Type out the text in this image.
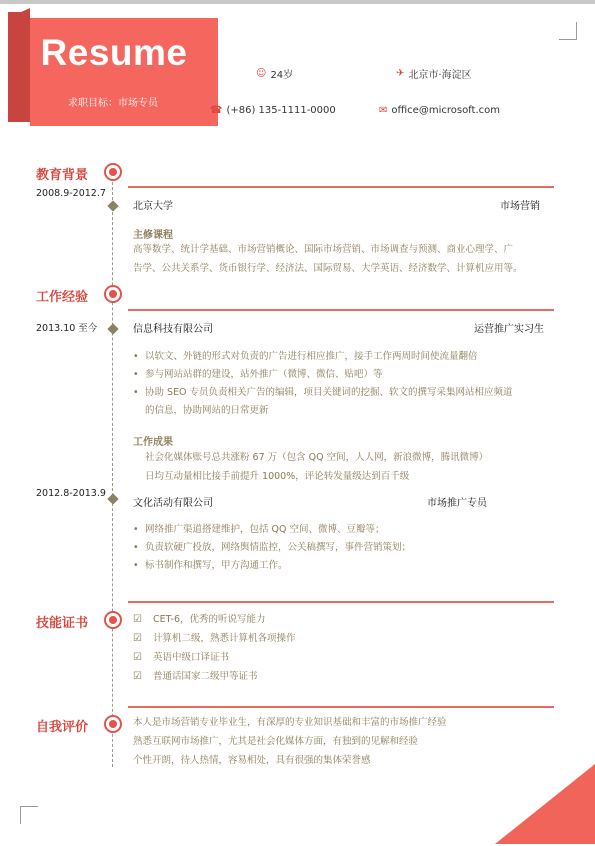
Resume
求职目标：市场专员
☺ 24岁	✈ 北京市·海淀区
☎ (+86) 135-1111-0000	✉ office@microsoft.com
教育背景
2008.9-2012.7
北京大学	市场营销
主修课程
高等数学、统计学基础、市场营销概论、国际市场营销、市场调查与预测、商业心理学、广
告学、公共关系学、货币银行学、经济法、国际贸易、大学英语、经济数学、计算机应用等。
工作经验
2013.10 至今	信息科技有限公司	运营推广实习生
• 以软文、外链的形式对负责的广告进行相应推广，接手工作两周时间使流量翻倍
• 参与网站站群的建设，站外推广（微博、微信、贴吧）等
• 协助 SEO 专员负责相关广告的编辑，项目关键词的挖掘、软文的撰写采集网站相应频道
的信息，协助网站的日常更新
工作成果
社会化媒体账号总共涨粉 67 万（包含 QQ 空间，人人网，新浪微博，腾讯微博）
日均互动量相比接手前提升 1000%，评论转发量级达到百千级
2012.8-2013.9
文化活动有限公司	市场推广专员
• 网络推广渠道搭建维护，包括 QQ 空间、微博、豆瓣等；
• 负责软硬广投放，网络舆情监控，公关稿撰写，事件营销策划；
• 标书制作和撰写，甲方沟通工作。
技能证书	☑	CET-6，优秀的听说写能力
☑	计算机二级，熟悉计算机各项操作
☑	英语中级口译证书
☑	普通话国家二级甲等证书
自我评价	本人是市场营销专业毕业生，有深厚的专业知识基础和丰富的市场推广经验
熟悉互联网市场推广，尤其是社会化媒体方面，有独到的见解和经验
个性开朗，待人热情，容易相处，具有很强的集体荣誉感
